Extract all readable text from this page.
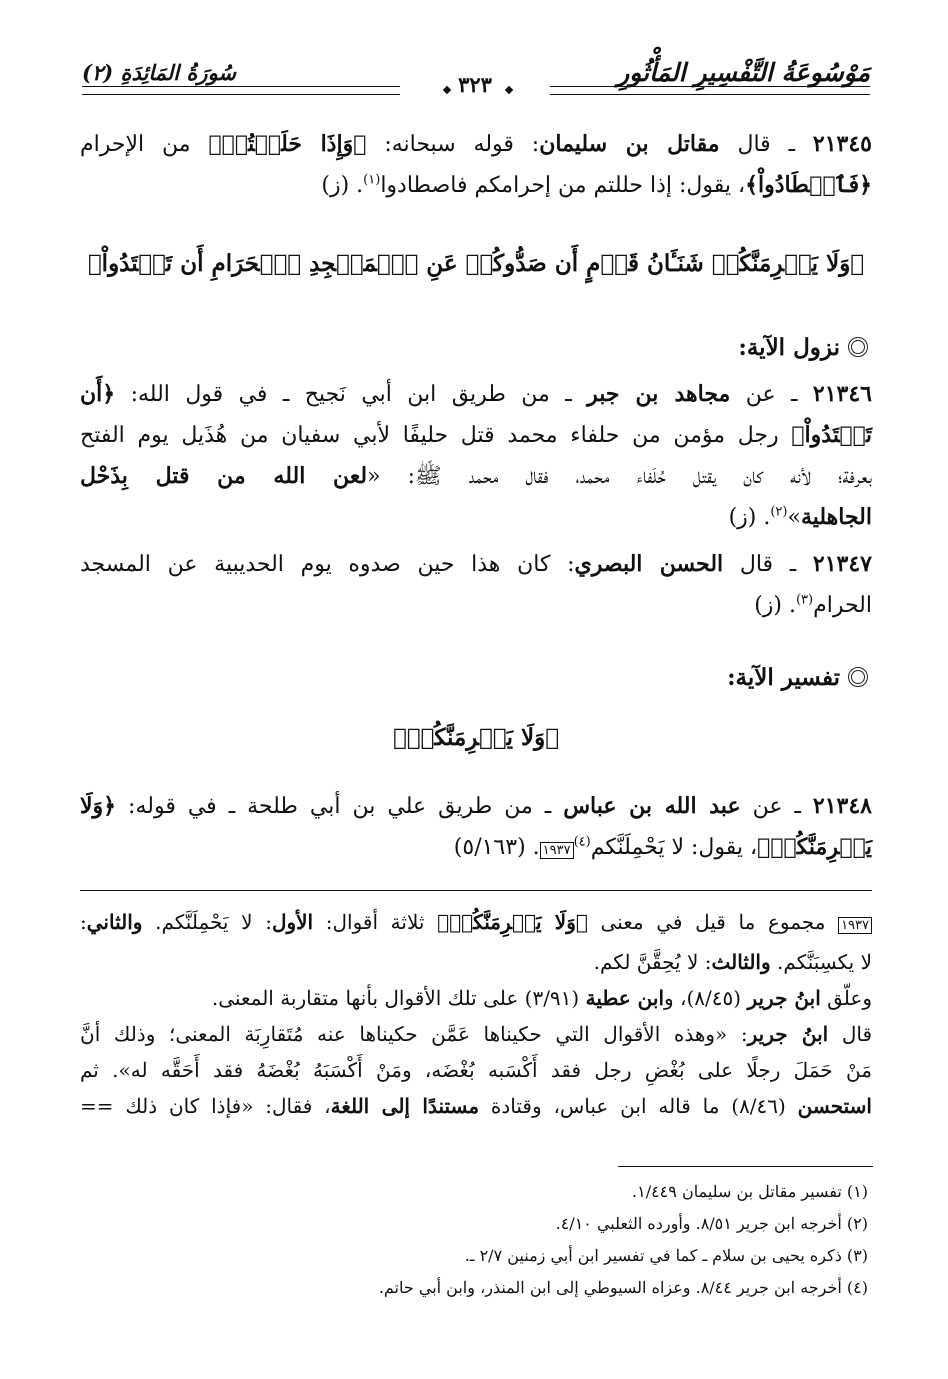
مَوْسُوعَةُ التَّفْسِيرِ المَأْثُورِ
سُورَةُ المَائِدَةِ (٢)	٣٢٣
٢١٣٤٥ ـ قال مقاتل بن سليمان: قوله سبحانه: ﴿وَإِذَا حَلَلۡتُمۡ﴾ من الإحرام
﴿فَٱصۡطَادُواْ﴾، يقول: إذا حللتم من إحرامكم فاصطادوا$^{(١)}$. (ز)
﴿وَلَا يَجۡرِمَنَّكُمۡ شَنَـَٔانُ قَوۡمٍ أَن صَدُّوكُمۡ عَنِ ٱلۡمَسۡجِدِ ٱلۡحَرَامِ أَن تَعۡتَدُواْ﴾
نزول الآية:
٢١٣٤٦ ـ عن مجاهد بن جبر ـ من طريق ابن أبي نَجيح ـ في قول الله: ﴿أَن
تَعۡتَدُواْ﴾ رجل مؤمن من حلفاء محمد قتل حليفًا لأبي سفيان من هُذَيل يوم الفتح
بعرفة؛ لأنه كان يقتل حُلَفاء محمد، فقال محمد ﷺ: «لعن الله من قتل بِذَحْل
الجاهلية»$^{(٢)}$. (ز)
٢١٣٤٧ ـ قال الحسن البصري: كان هذا حين صدوه يوم الحديبية عن المسجد
الحرام$^{(٣)}$. (ز)
تفسير الآية:
﴿وَلَا يَجۡرِمَنَّكُمۡ﴾
٢١٣٤٨ ـ عن عبد الله بن عباس ـ من طريق علي بن أبي طلحة ـ في قوله: ﴿وَلَا
يَجۡرِمَنَّكُمۡ﴾، يقول: لا يَحْمِلَنَّكم$^{(٤)}$١٩٣٧. (٥/١٦٣)
١٩٣٧ مجموع ما قيل في معنى ﴿وَلَا يَجۡرِمَنَّكُمۡ﴾ ثلاثة أقوال: الأول: لا يَحْمِلَنَّكم. والثاني:
لا يكسِبَنَّكم. والثالث: لا يُحِقَّنَّ لكم.
وعلّق ابنُ جرير (٨/٤٥)، وابن عطية (٣/٩١) على تلك الأقوال بأنها متقاربة المعنى.
قال ابنُ جرير: «وهذه الأقوال التي حكيناها عَمَّن حكيناها عنه مُتَقارِبَة المعنى؛ وذلك أنَّ
مَنْ حَمَلَ رجلًا على بُغْضِ رجل فقد أَكْسَبه بُغْضَه، ومَنْ أَكْسَبَهُ بُغْضَهُ فقد أَحَقَّه له». ثم
استحسن (٨/٤٦) ما قاله ابن عباس، وقتادة مستندًا إلى اللغة، فقال: «فإذا كان ذلك ==
(١) تفسير مقاتل بن سليمان ١/٤٤٩.
(٢) أخرجه ابن جرير ٨/٥١. وأورده الثعلبي ٤/١٠.
(٣) ذكره يحيى بن سلام ـ كما في تفسير ابن أبي زمنين ٢/٧ ـ.
(٤) أخرجه ابن جرير ٨/٤٤. وعزاه السيوطي إلى ابن المنذر، وابن أبي حاتم.
